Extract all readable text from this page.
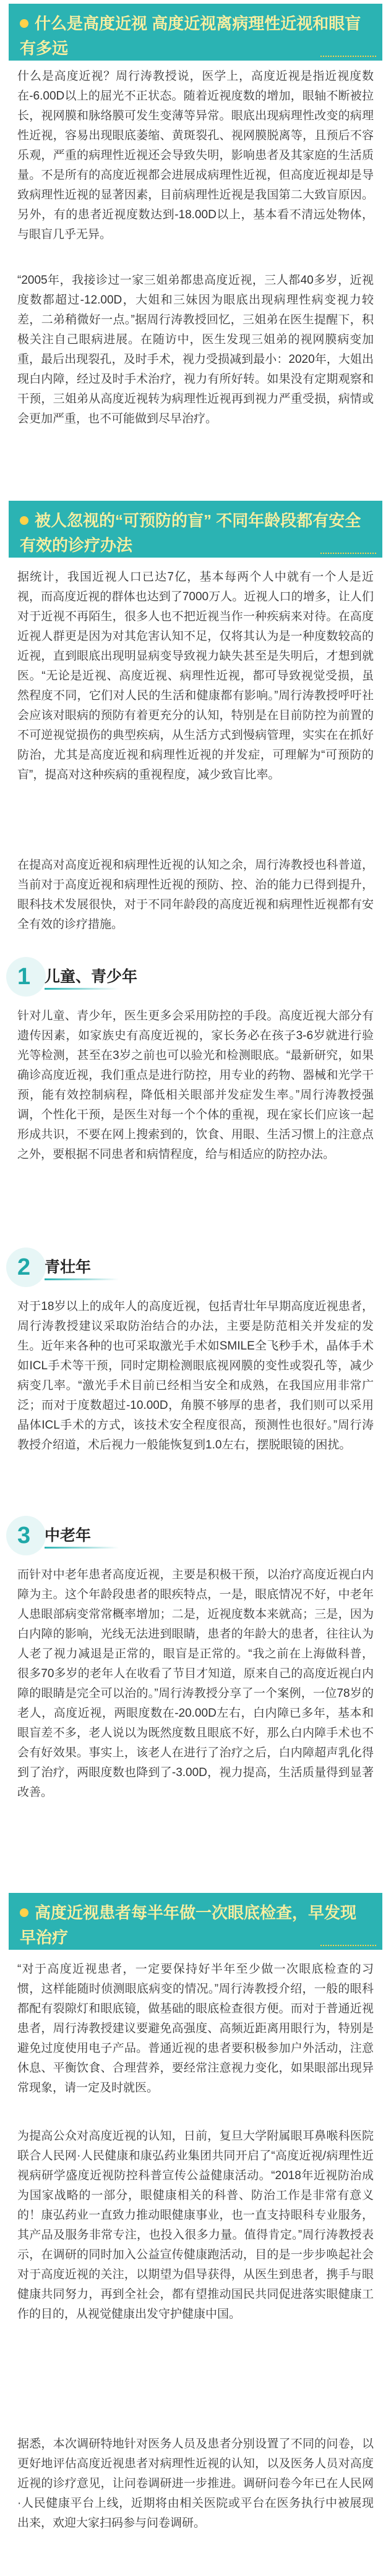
什么是高度近视 高度近视离病理性近视和眼盲有多远

什么是高度近视？周行涛教授说，医学上，高度近视是指近视度数在-6.00D以上的屈光不正状态。随着近视度数的增加，眼轴不断被拉长，视网膜和脉络膜可发生变薄等异常。眼底出现病理性改变的病理性近视，容易出现眼底萎缩、黄斑裂孔、视网膜脱离等，且预后不容乐观，严重的病理性近视还会导致失明，影响患者及其家庭的生活质量。不是所有的高度近视都会进展成病理性近视，但高度近视却是导致病理性近视的显著因素，目前病理性近视是我国第二大致盲原因。另外，有的患者近视度数达到-18.00D以上，基本看不清远处物体，与眼盲几乎无异。

“2005年，我接诊过一家三姐弟都患高度近视，三人都40多岁，近视度数都超过-12.00D，大姐和三妹因为眼底出现病理性病变视力较差，二弟稍微好一点。”据周行涛教授回忆，三姐弟在医生提醒下，积极关注自己眼病进展。在随访中，医生发现三姐弟的视网膜病变加重，最后出现裂孔，及时手术，视力受损减到最小：2020年，大姐出现白内障，经过及时手术治疗，视力有所好转。如果没有定期观察和干预，三姐弟从高度近视转为病理性近视再到视力严重受损，病情或会更加严重，也不可能做到尽早治疗。

被人忽视的“可预防的盲” 不同年龄段都有安全有效的诊疗办法

据统计，我国近视人口已达7亿，基本每两个人中就有一个人是近视，而高度近视的群体也达到了7000万人。近视人口的增多，让人们对于近视不再陌生，很多人也不把近视当作一种疾病来对待。在高度近视人群更是因为对其危害认知不足，仅将其认为是一种度数较高的近视，直到眼底出现明显病变导致视力缺失甚至是失明后，才想到就医。“无论是近视、高度近视、病理性近视，都可导致视觉受损，虽然程度不同，它们对人民的生活和健康都有影响。”周行涛教授呼吁社会应该对眼病的预防有着更充分的认知，特别是在目前防控为前置的不可逆视觉损伤的典型疾病，从生活方式到慢病管理，实实在在抓好防治，尤其是高度近视和病理性近视的并发症，可理解为“可预防的盲”，提高对这种疾病的重视程度，减少致盲比率。

在提高对高度近视和病理性近视的认知之余，周行涛教授也科普道，当前对于高度近视和病理性近视的预防、控、治的能力已得到提升，眼科技术发展很快，对于不同年龄段的高度近视和病理性近视都有安全有效的诊疗措施。

1 儿童、青少年

针对儿童、青少年，医生更多会采用防控的手段。高度近视大部分有遗传因素，如家族史有高度近视的，家长务必在孩子3-6岁就进行验光等检测，甚至在3岁之前也可以验光和检测眼底。“最新研究，如果确诊高度近视，我们重点是进行防控，用专业的药物、器械和光学干预，能有效控制病程，降低相关眼部并发症发生率。”周行涛教授强调，个性化干预，是医生对每一个个体的重视，现在家长们应该一起形成共识，不要在网上搜索到的，饮食、用眼、生活习惯上的注意点之外，要根据不同患者和病情程度，给与相适应的防控办法。

2 青壮年

对于18岁以上的成年人的高度近视，包括青壮年早期高度近视患者，周行涛教授建议采取防治结合的办法，主要是防范相关并发症的发生。近年来各种的也可采取激光手术如SMILE全飞秒手术，晶体手术如ICL手术等干预，同时定期检测眼底视网膜的变性或裂孔等，减少病变几率。“激光手术目前已经相当安全和成熟，在我国应用非常广泛；而对于度数超过-10.00D，角膜不够厚的患者，我们则可以采用晶体ICL手术的方式，该技术安全程度很高，预测性也很好。”周行涛教授介绍道，术后视力一般能恢复到1.0左右，摆脱眼镜的困扰。

3 中老年

而针对中老年患者高度近视，主要是积极干预，以治疗高度近视白内障为主。这个年龄段患者的眼疾特点，一是，眼底情况不好，中老年人患眼部病变常常概率增加；二是，近视度数本来就高；三是，因为白内障的影响，光线无法进到眼睛，患者的年龄大的患者，往往认为人老了视力减退是正常的，眼盲是正常的。“我之前在上海做科普，很多70多岁的老年人在收看了节目才知道，原来自己的高度近视白内障的眼睛是完全可以治的。”周行涛教授分享了一个案例，一位78岁的老人，高度近视，两眼度数在-20.00D左右，白内障已多年，基本和眼盲差不多，老人说以为既然度数且眼底不好，那么白内障手术也不会有好效果。事实上，该老人在进行了治疗之后，白内障超声乳化得到了治疗，两眼度数也降到了-3.00D，视力提高，生活质量得到显著改善。

高度近视患者每半年做一次眼底检查，早发现早治疗

“对于高度近视患者，一定要保持好半年至少做一次眼底检查的习惯，这样能随时侦测眼底病变的情况。”周行涛教授介绍，一般的眼科都配有裂隙灯和眼底镜，做基础的眼底检查很方便。而对于普通近视患者，周行涛教授建议要避免高强度、高频近距离用眼行为，特别是避免过度使用电子产品。普通近视的患者要积极参加户外活动，注意休息、平衡饮食、合理营养，要经常注意视力变化，如果眼部出现异常现象，请一定及时就医。

为提高公众对高度近视的认知，日前，复旦大学附属眼耳鼻喉科医院联合人民网·人民健康和康弘药业集团共同开启了“高度近视/病理性近视病研学盛度近视防控科普宣传公益健康活动。“2018年近视防治成为国家战略的一部分，眼健康相关的科普、防治工作是非常有意义的！康弘药业一直致力推动眼健康事业，也一直支持眼科专业服务，其产品及服务非常专注，也投入很多力量。值得肯定。”周行涛教授表示，在调研的同时加入公益宣传健康跑活动，目的是一步步唤起社会对于高度近视的关注，以期望为倡导获得，从医生到患者，携手与眼健康共同努力，再到全社会，都有望推动国民共同促进落实眼健康工作的目的，从视觉健康出发守护健康中国。

据悉，本次调研特地针对医务人员及患者分别设置了不同的问卷，以更好地评估高度近视患者对病理性近视的认知，以及医务人员对高度近视的诊疗意见，让问卷调研进一步推进。调研问卷今年已在人民网·人民健康平台上线，近期将由相关医院或平台在医务执行中被展现出来，欢迎大家扫码参与问卷调研。
